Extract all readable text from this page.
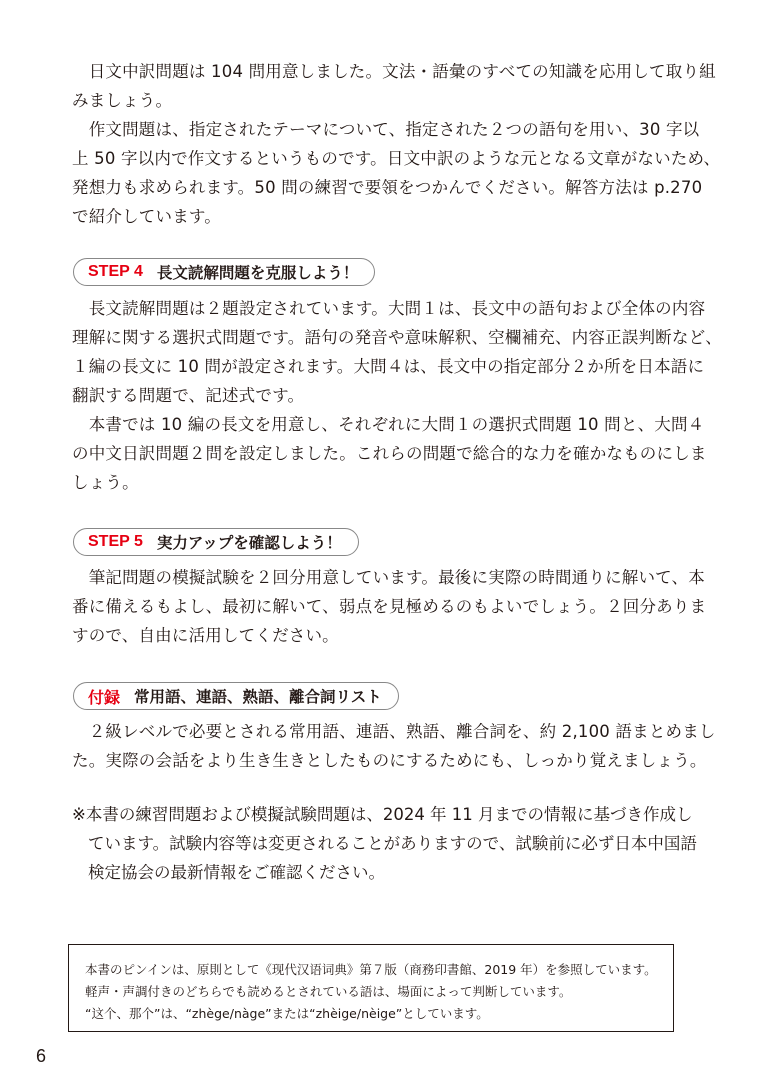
　日文中訳問題は 104 問用意しました。文法・語彙のすべての知識を応用して取り組
みましょう。
　作文問題は、指定されたテーマについて、指定された２つの語句を用い、30 字以
上 50 字以内で作文するというものです。日文中訳のような元となる文章がないため、
発想力も求められます。50 問の練習で要領をつかんでください。解答方法は p.270
で紹介しています。
STEP 4 長文読解問題を克服しよう！
　長文読解問題は２題設定されています。大問１は、長文中の語句および全体の内容
理解に関する選択式問題です。語句の発音や意味解釈、空欄補充、内容正誤判断など、
１編の長文に 10 問が設定されます。大問４は、長文中の指定部分２か所を日本語に
翻訳する問題で、記述式です。
　本書では 10 編の長文を用意し、それぞれに大問１の選択式問題 10 問と、大問４
の中文日訳問題２問を設定しました。これらの問題で総合的な力を確かなものにしま
しょう。
STEP 5 実力アップを確認しよう！
　筆記問題の模擬試験を２回分用意しています。最後に実際の時間通りに解いて、本
番に備えるもよし、最初に解いて、弱点を見極めるのもよいでしょう。２回分ありま
すので、自由に活用してください。
付録 常用語、連語、熟語、離合詞リスト
　２級レベルで必要とされる常用語、連語、熟語、離合詞を、約 2,100 語まとめまし
た。実際の会話をより生き生きとしたものにするためにも、しっかり覚えましょう。
※本書の練習問題および模擬試験問題は、2024 年 11 月までの情報に基づき作成し
ています。試験内容等は変更されることがありますので、試験前に必ず日本中国語
検定協会の最新情報をご確認ください。
本書のピンインは、原則として《现代汉语词典》第７版（商務印書館、2019 年）を参照しています。
軽声・声調付きのどちらでも読めるとされている語は、場面によって判断しています。
“这个、那个”は、“zhège/nàge”または“zhèige/nèige”としています。
6
